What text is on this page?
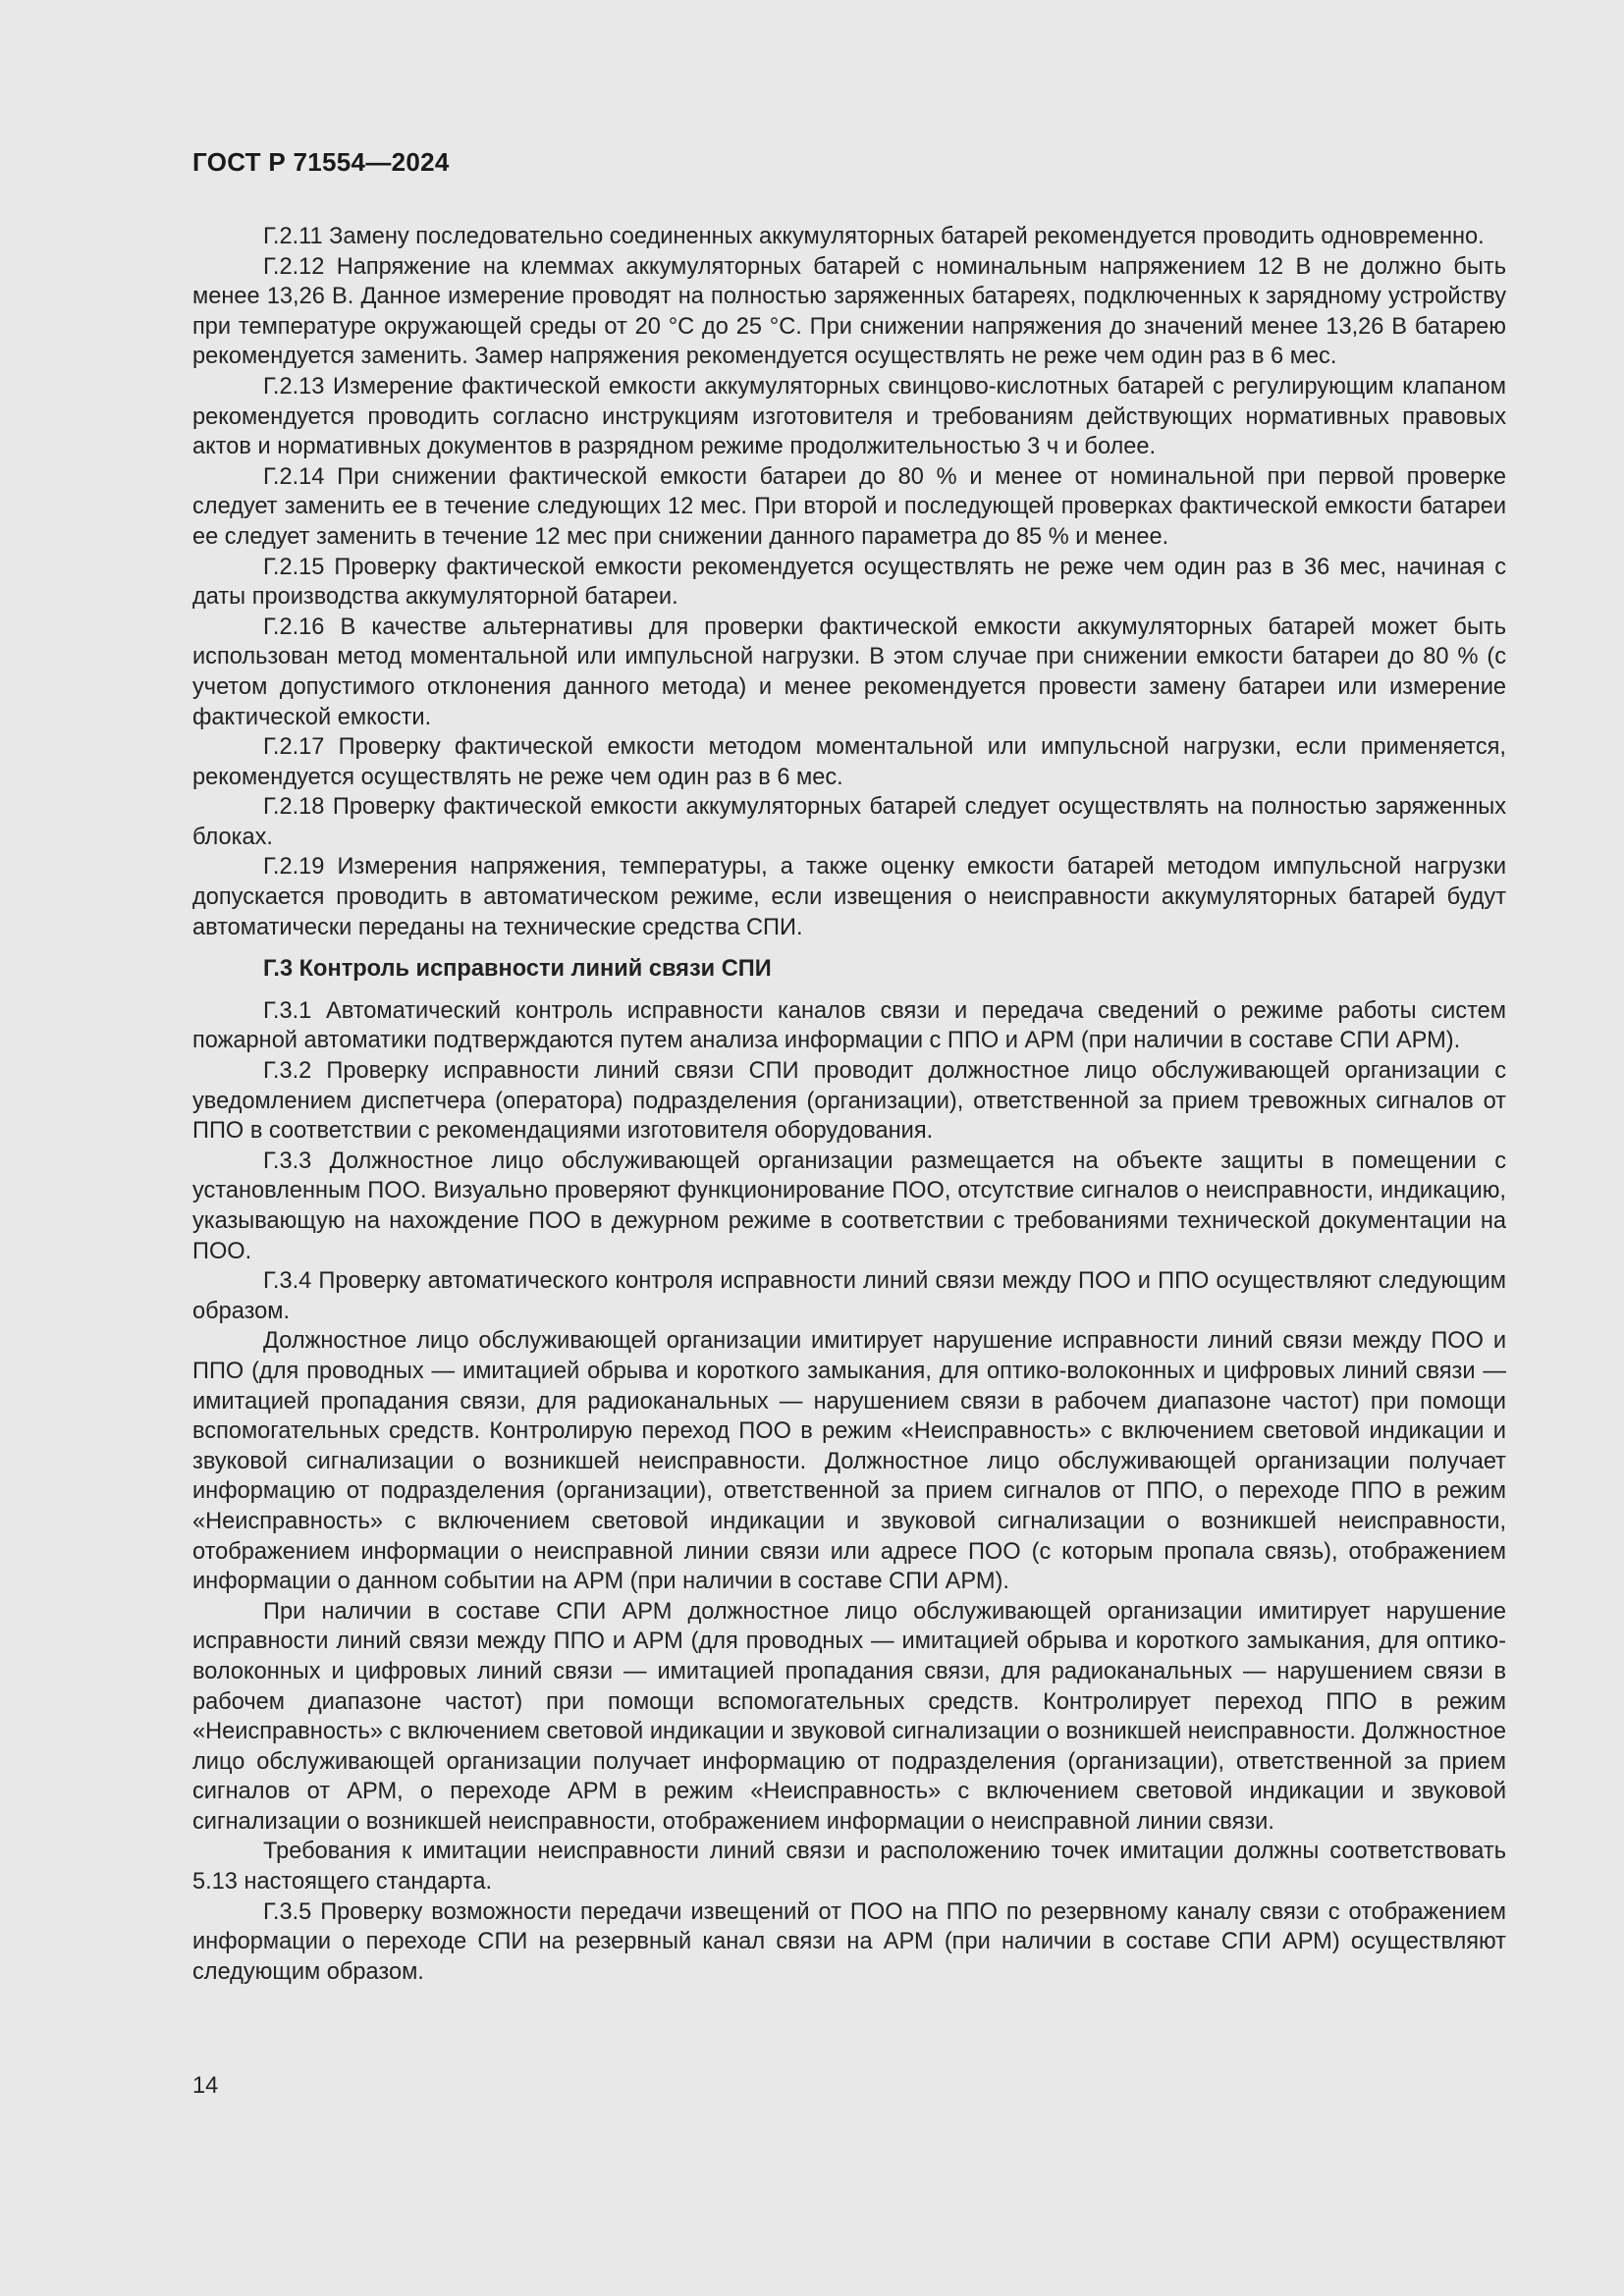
ГОСТ Р 71554—2024

Г.2.11 Замену последовательно соединенных аккумуляторных батарей рекомендуется проводить одновременно.

Г.2.12 Напряжение на клеммах аккумуляторных батарей с номинальным напряжением 12 В не должно быть менее 13,26 В. Данное измерение проводят на полностью заряженных батареях, подключенных к зарядному устройству при температуре окружающей среды от 20 °С до 25 °С. При снижении напряжения до значений менее 13,26 В батарею рекомендуется заменить. Замер напряжения рекомендуется осуществлять не реже чем один раз в 6 мес.

Г.2.13 Измерение фактической емкости аккумуляторных свинцово-кислотных батарей с регулирующим клапаном рекомендуется проводить согласно инструкциям изготовителя и требованиям действующих нормативных правовых актов и нормативных документов в разрядном режиме продолжительностью 3 ч и более.

Г.2.14 При снижении фактической емкости батареи до 80 % и менее от номинальной при первой проверке следует заменить ее в течение следующих 12 мес. При второй и последующей проверках фактической емкости батареи ее следует заменить в течение 12 мес при снижении данного параметра до 85 % и менее.

Г.2.15 Проверку фактической емкости рекомендуется осуществлять не реже чем один раз в 36 мес, начиная с даты производства аккумуляторной батареи.

Г.2.16 В качестве альтернативы для проверки фактической емкости аккумуляторных батарей может быть использован метод моментальной или импульсной нагрузки. В этом случае при снижении емкости батареи до 80 % (с учетом допустимого отклонения данного метода) и менее рекомендуется провести замену батареи или измерение фактической емкости.

Г.2.17 Проверку фактической емкости методом моментальной или импульсной нагрузки, если применяется, рекомендуется осуществлять не реже чем один раз в 6 мес.

Г.2.18 Проверку фактической емкости аккумуляторных батарей следует осуществлять на полностью заряженных блоках.

Г.2.19 Измерения напряжения, температуры, а также оценку емкости батарей методом импульсной нагрузки допускается проводить в автоматическом режиме, если извещения о неисправности аккумуляторных батарей будут автоматически переданы на технические средства СПИ.

Г.3 Контроль исправности линий связи СПИ

Г.3.1 Автоматический контроль исправности каналов связи и передача сведений о режиме работы систем пожарной автоматики подтверждаются путем анализа информации с ППО и АРМ (при наличии в составе СПИ АРМ).

Г.3.2 Проверку исправности линий связи СПИ проводит должностное лицо обслуживающей организации с уведомлением диспетчера (оператора) подразделения (организации), ответственной за прием тревожных сигналов от ППО в соответствии с рекомендациями изготовителя оборудования.

Г.3.3 Должностное лицо обслуживающей организации размещается на объекте защиты в помещении с установленным ПОО. Визуально проверяют функционирование ПОО, отсутствие сигналов о неисправности, индикацию, указывающую на нахождение ПОО в дежурном режиме в соответствии с требованиями технической документации на ПОО.

Г.3.4 Проверку автоматического контроля исправности линий связи между ПОО и ППО осуществляют следующим образом.

Должностное лицо обслуживающей организации имитирует нарушение исправности линий связи между ПОО и ППО (для проводных — имитацией обрыва и короткого замыкания, для оптико-волоконных и цифровых линий связи — имитацией пропадания связи, для радиоканальных — нарушением связи в рабочем диапазоне частот) при помощи вспомогательных средств. Контролирую переход ПОО в режим «Неисправность» с включением световой индикации и звуковой сигнализации о возникшей неисправности. Должностное лицо обслуживающей организации получает информацию от подразделения (организации), ответственной за прием сигналов от ППО, о переходе ППО в режим «Неисправность» с включением световой индикации и звуковой сигнализации о возникшей неисправности, отображением информации о неисправной линии связи или адресе ПОО (с которым пропала связь), отображением информации о данном событии на АРМ (при наличии в составе СПИ АРМ).

При наличии в составе СПИ АРМ должностное лицо обслуживающей организации имитирует нарушение исправности линий связи между ППО и АРМ (для проводных — имитацией обрыва и короткого замыкания, для оптико-волоконных и цифровых линий связи — имитацией пропадания связи, для радиоканальных — нарушением связи в рабочем диапазоне частот) при помощи вспомогательных средств. Контролирует переход ППО в режим «Неисправность» с включением световой индикации и звуковой сигнализации о возникшей неисправности. Должностное лицо обслуживающей организации получает информацию от подразделения (организации), ответственной за прием сигналов от АРМ, о переходе АРМ в режим «Неисправность» с включением световой индикации и звуковой сигнализации о возникшей неисправности, отображением информации о неисправной линии связи.

Требования к имитации неисправности линий связи и расположению точек имитации должны соответствовать 5.13 настоящего стандарта.

Г.3.5 Проверку возможности передачи извещений от ПОО на ППО по резервному каналу связи с отображением информации о переходе СПИ на резервный канал связи на АРМ (при наличии в составе СПИ АРМ) осуществляют следующим образом.

14
